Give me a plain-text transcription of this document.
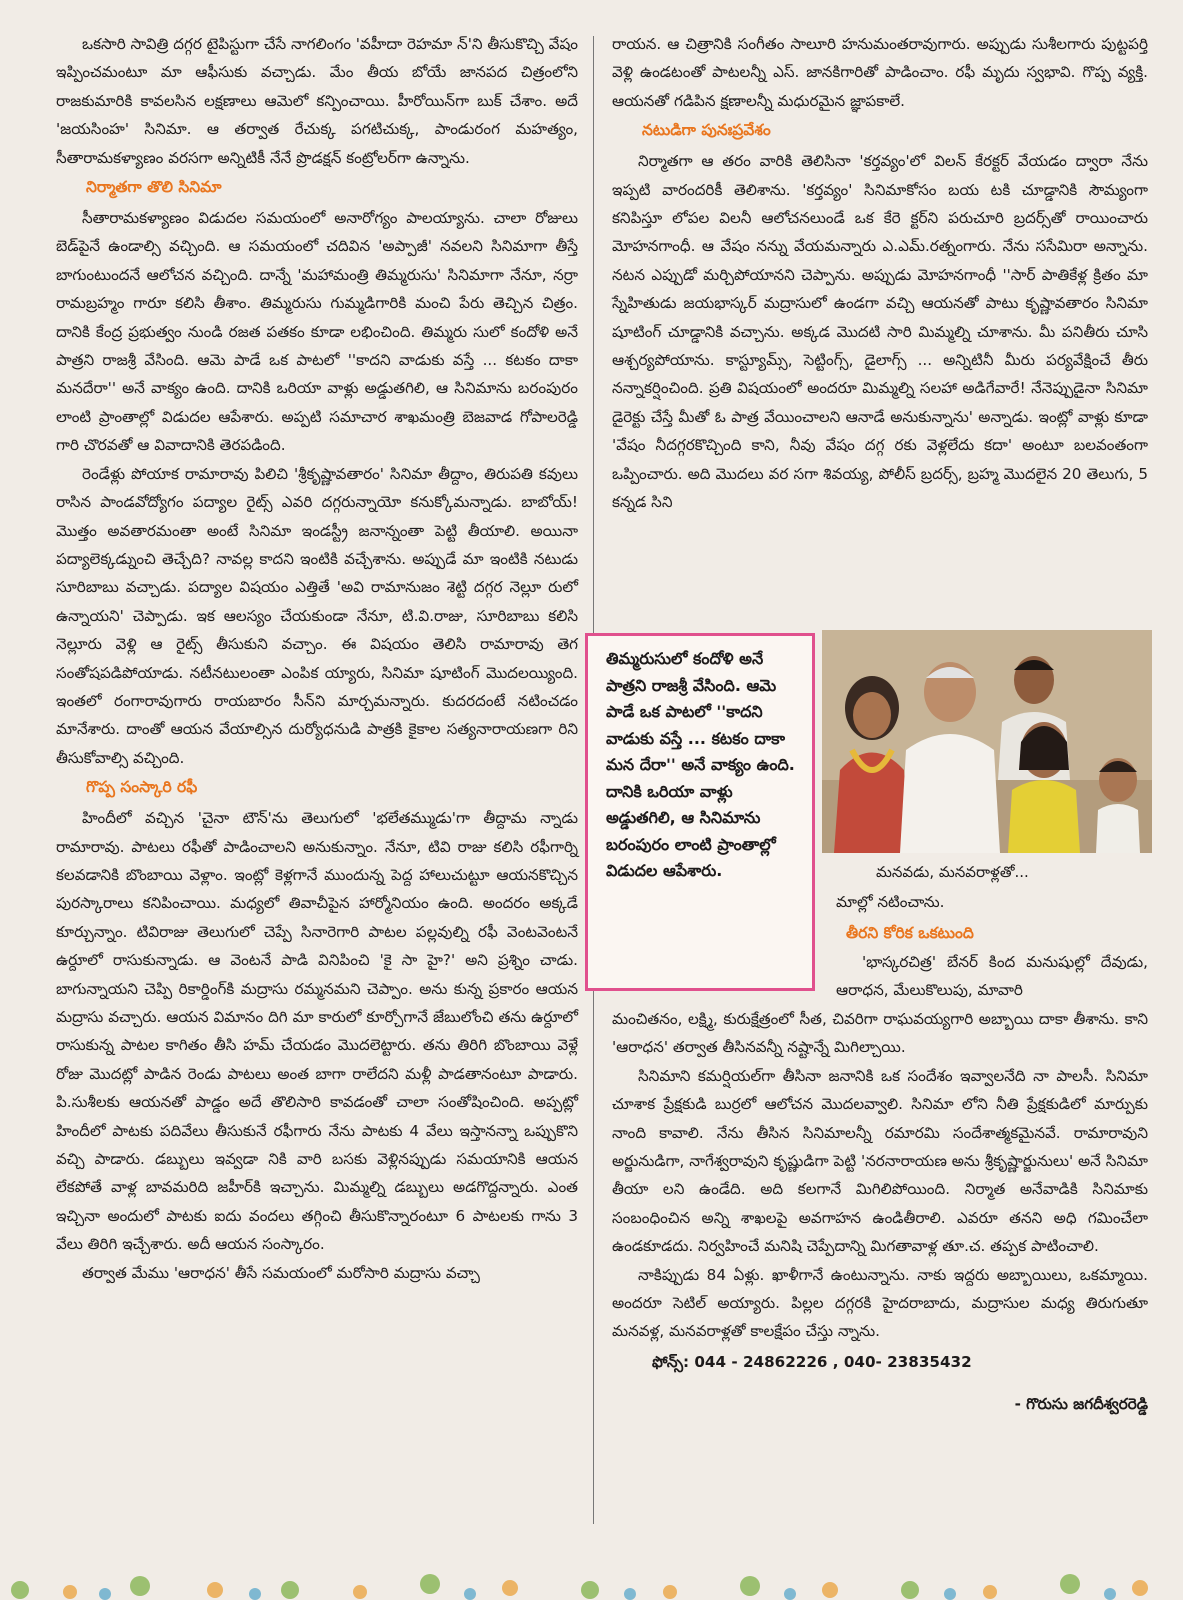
ఒకసారి సావిత్రి దగ్గర టైపిస్టుగా చేసే నాగలింగం 'వహీదా రెహమా న్'ని తీసుకొచ్చి వేషం ఇప్పించమంటూ మా ఆఫీసుకు వచ్చాడు. మేం తీయ బోయే జానపద చిత్రంలోని రాజకుమారికి కావలసిన లక్షణాలు ఆమెలో కన్పించాయి. హీరోయిన్‌గా బుక్ చేశాం. అదే 'జయసింహ' సినిమా. ఆ తర్వాత రేచుక్క పగటిచుక్క, పాండురంగ మహత్యం, సీతారామకళ్యాణం వరసగా అన్నిటికీ నేనే ప్రొడక్షన్ కంట్రోలర్‌గా ఉన్నాను.

నిర్మాతగా తొలి సినిమా

సీతారామకళ్యాణం విడుదల సమయంలో అనారోగ్యం పాలయ్యాను. చాలా రోజులు బెడ్‌పైనే ఉండాల్సి వచ్చింది. ఆ సమయంలో చదివిన 'అప్పాజీ' నవలని సినిమాగా తీస్తే బాగుంటుందనే ఆలోచన వచ్చింది. దాన్నే 'మహామంత్రి తిమ్మరుసు' సినిమాగా నేనూ, నర్రా రామబ్రహ్మం గారూ కలిసి తీశాం. తిమ్మరుసు గుమ్మడిగారికి మంచి పేరు తెచ్చిన చిత్రం. దానికి కేంద్ర ప్రభుత్వం నుండి రజత పతకం కూడా లభించింది. తిమ్మరు సులో కందోళి అనే పాత్రని రాజశ్రీ వేసింది. ఆమె పాడే ఒక పాటలో ''కాదని వాడుకు వస్తే ... కటకం దాకా మనదేరా'' అనే వాక్యం ఉంది. దానికి ఒరియా వాళ్లు అడ్డుతగిలి, ఆ సినిమాను బరంపురం లాంటి ప్రాంతాల్లో విడుదల ఆపేశారు. అప్పటి సమాచార శాఖమంత్రి బెజవాడ గోపాలరెడ్డి గారి చొరవతో ఆ వివాదానికి తెరపడింది.

రెండేళ్లు పోయాక రామారావు పిలిచి 'శ్రీకృష్ణావతారం' సినిమా తీద్దాం, తిరుపతి కవులు రాసిన పాండవోద్యోగం పద్యాల రైట్స్ ఎవరి దగ్గరున్నాయో కనుక్కోమన్నాడు. బాబోయ్! మొత్తం అవతారమంతా అంటే సినిమా ఇండస్ట్రీ జనాన్నంతా పెట్టి తీయాలి. అయినా పద్యాలెక్కడ్నుంచి తెచ్చేది? నావల్ల కాదని ఇంటికి వచ్చేశాను. అప్పుడే మా ఇంటికి నటుడు సూరిబాబు వచ్చాడు. పద్యాల విషయం ఎత్తితే 'అవి రామానుజం శెట్టి దగ్గర నెల్లూ రులో ఉన్నాయని' చెప్పాడు. ఇక ఆలస్యం చేయకుండా నేనూ, టి.వి.రాజు, సూరిబాబు కలిసి నెల్లూరు వెళ్లి ఆ రైట్స్ తీసుకుని వచ్చాం. ఈ విషయం తెలిసి రామారావు తెగ సంతోషపడిపోయాడు. నటీనటులంతా ఎంపిక య్యారు, సినిమా షూటింగ్ మొదలయ్యింది. ఇంతలో రంగారావుగారు రాయబారం సీన్‌ని మార్చమన్నారు. కుదరదంటే నటించడం మానేశారు. దాంతో ఆయన వేయాల్సిన దుర్యోధనుడి పాత్రకి కైకాల సత్యనారాయణగా రిని తీసుకోవాల్సి వచ్చింది.

గొప్ప సంస్కారి రఫీ

హిందీలో వచ్చిన 'చైనా టౌన్'ను తెలుగులో 'భలేతమ్ముడు'గా తీద్దామ న్నాడు రామారావు. పాటలు రఫీతో పాడించాలని అనుకున్నాం. నేనూ, టివి రాజు కలిసి రఫీగార్ని కలవడానికి బొంబాయి వెళ్లాం. ఇంట్లో కెళ్లగానే ముందున్న పెద్ద హాలుచుట్టూ ఆయనకొచ్చిన పురస్కారాలు కనిపించాయి. మధ్యలో తివాచీపైన హార్మోనియం ఉంది. అందరం అక్కడే కూర్చున్నాం. టివిరాజు తెలుగులో చెప్పే సినారెగారి పాటల పల్లవుల్ని రఫీ వెంటవెంటనే ఉర్దూలో రాసుకున్నాడు. ఆ వెంటనే పాడి వినిపించి 'కై సా హై?' అని ప్రశ్నిం చాడు. బాగున్నాయని చెప్పి రికార్డింగ్‌కి మద్రాసు రమ్మనమని చెప్పాం. అను కున్న ప్రకారం ఆయన మద్రాసు వచ్చారు. ఆయన విమానం దిగి మా కారులో కూర్చోగానే జేబులోంచి తను ఉర్దూలో రాసుకున్న పాటల కాగితం తీసి హమ్ చేయడం మొదలెట్టారు. తను తిరిగి బొంబాయి వెళ్లే రోజు మొదట్లో పాడిన రెండు పాటలు అంత బాగా రాలేదని మళ్లీ పాడతానంటూ పాడారు. పి.సుశీలకు ఆయనతో పాడ్డం అదే తొలిసారి కావడంతో చాలా సంతోషించింది. అప్పట్లో హిందీలో పాటకు పదివేలు తీసుకునే రఫీగారు నేను పాటకు 4 వేలు ఇస్తానన్నా ఒప్పుకొని వచ్చి పాడారు. డబ్బులు ఇవ్వడా నికి వారి బసకు వెళ్లినప్పుడు సమయానికి ఆయన లేకపోతే వాళ్ల బావమరిది జహీర్‌కి ఇచ్చాను. మిమ్మల్ని డబ్బులు అడగొద్దన్నారు. ఎంత ఇచ్చినా అందులో పాటకు ఐదు వందలు తగ్గించి తీసుకొన్నారంటూ 6 పాటలకు గాను 3 వేలు తిరిగి ఇచ్చేశారు. అదీ ఆయన సంస్కారం.

తర్వాత మేము 'ఆరాధన' తీసే సమయంలో మరోసారి మద్రాసు వచ్చా

రాయన. ఆ చిత్రానికి సంగీతం సాలూరి హనుమంతరావుగారు. అప్పుడు సుశీలగారు పుట్టపర్తి వెళ్లి ఉండటంతో పాటలన్నీ ఎస్. జానకిగారితో పాడించాం. రఫీ మృదు స్వభావి. గొప్ప వ్యక్తి. ఆయనతో గడిపిన క్షణాలన్నీ మధురమైన జ్ఞాపకాలే.

నటుడిగా పునఃప్రవేశం

నిర్మాతగా ఆ తరం వారికి తెలిసినా 'కర్తవ్యం'లో విలన్ కేరక్టర్ వేయడం ద్వారా నేను ఇప్పటి వారందరికీ తెలిశాను. 'కర్తవ్యం' సినిమాకోసం బయ టకి చూడ్డానికి సౌమ్యంగా కనిపిస్తూ లోపల విలనీ ఆలోచనలుండే ఒక కేరె క్టర్‌ని పరుచూరి బ్రదర్స్‌తో రాయించారు మోహనగాంధీ. ఆ వేషం నన్ను వేయమన్నారు ఎ.ఎమ్.రత్నంగారు. నేను ససేమిరా అన్నాను. నటన ఎప్పుడో మర్చిపోయానని చెప్పాను. అప్పుడు మోహనగాంధీ ''సార్ పాతికేళ్ల క్రితం మా స్నేహితుడు జయభాస్కర్ మద్రాసులో ఉండగా వచ్చి ఆయనతో పాటు కృష్ణావతారం సినిమా షూటింగ్ చూడ్డానికి వచ్చాను. అక్కడ మొదటి సారి మిమ్మల్ని చూశాను. మీ పనితీరు చూసి ఆశ్చర్యపోయాను. కాస్ట్యూమ్స్, సెట్టింగ్స్, డైలాగ్స్ ... అన్నిటినీ మీరు పర్యవేక్షించే తీరు నన్నాకర్షించింది. ప్రతి విషయంలో అందరూ మిమ్మల్ని సలహా అడిగేవారే! నేనెప్పుడైనా సినిమా డైరెక్టు చేస్తే మీతో ఓ పాత్ర వేయించాలని ఆనాడే అనుకున్నాను' అన్నాడు. ఇంట్లో వాళ్లు కూడా 'వేషం నీదగ్గరకొచ్చింది కాని, నీవు వేషం దగ్గ రకు వెళ్లలేదు కదా' అంటూ బలవంతంగా ఒప్పించారు. అది మొదలు వర సగా శివయ్య, పోలీస్ బ్రదర్స్, బ్రహ్మ మొదలైన 20 తెలుగు, 5 కన్నడ సిని

తిమ్మరుసులో కందోళి అనే పాత్రని రాజశ్రీ వేసింది. ఆమె పాడే ఒక పాటలో ''కాదని వాడుకు వస్తే ... కటకం దాకా మన దేరా'' అనే వాక్యం ఉంది. దానికి ఒరియా వాళ్లు అడ్డుతగిలి, ఆ సినిమాను బరంపురం లాంటి ప్రాంతాల్లో విడుదల ఆపేశారు.	మనవడు, మనవరాళ్లతో...

మాల్లో నటించాను.

తీరని కోరిక ఒకటుంది

'భాస్కరచిత్ర' బేనర్ కింద మనుషుల్లో దేవుడు, ఆరాధన, మేలుకొలుపు, మావారి

మంచితనం, లక్ష్మి, కురుక్షేత్రంలో సీత, చివరిగా రాఘవయ్యగారి అబ్బాయి దాకా తీశాను. కాని 'ఆరాధన' తర్వాత తీసినవన్నీ నష్టాన్నే మిగిల్చాయి.

సినిమాని కమర్షియల్‌గా తీసినా జనానికి ఒక సందేశం ఇవ్వాలనేది నా పాలసీ. సినిమా చూశాక ప్రేక్షకుడి బుర్రలో ఆలోచన మొదలవ్వాలి. సినిమా లోని నీతి ప్రేక్షకుడిలో మార్పుకు నాంది కావాలి. నేను తీసిన సినిమాలన్నీ రమారమి సందేశాత్మకమైనవే. రామారావుని అర్జునుడిగా, నాగేశ్వరావుని కృష్ణుడిగా పెట్టి 'నరనారాయణ అను శ్రీకృష్ణార్జునులు' అనే సినిమా తీయా లని ఉండేది. అది కలగానే మిగిలిపోయింది. నిర్మాత అనేవాడికి సినిమాకు సంబంధించిన అన్ని శాఖలపై అవగాహన ఉండితీరాలి. ఎవరూ తనని అధి గమించేలా ఉండకూడదు. నిర్వహించే మనిషి చెప్పేదాన్ని మిగతావాళ్ల తూ.చ. తప్పక పాటించాలి.

నాకిప్పుడు 84 ఏళ్లు. ఖాళీగానే ఉంటున్నాను. నాకు ఇద్దరు అబ్బాయిలు, ఒకమ్మాయి. అందరూ సెటిల్ అయ్యారు. పిల్లల దగ్గరకి హైదరాబాదు, మద్రాసుల మధ్య తిరుగుతూ మనవళ్ల, మనవరాళ్లతో కాలక్షేపం చేస్తు న్నాను.

ఫోన్స్: 044 - 24862226 , 040- 23835432

- గొరుసు జగదీశ్వరరెడ్డి
